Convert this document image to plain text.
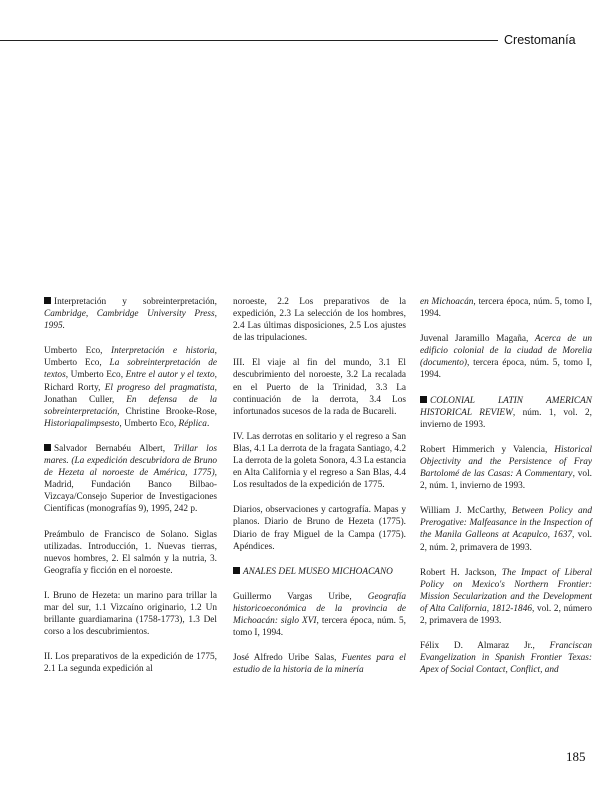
Crestomanía

Interpretación y sobreinterpretación, Cambridge, Cambridge University Press, 1995.

Umberto Eco, Interpretación e historia, Umberto Eco, La sobreinterpretación de textos, Umberto Eco, Entre el autor y el texto, Richard Rorty, El progreso del pragmatista, Jonathan Culler, En defensa de la sobreinterpretación, Christine Brooke-Rose, Historiapalimpsesto, Umberto Eco, Réplica.

Salvador Bernabéu Albert, Trillar los mares. (La expedición descubridora de Bruno de Hezeta al noroeste de América, 1775), Madrid, Fundación Banco Bilbao-Vizcaya/Consejo Superior de Investigaciones Científicas (monografías 9), 1995, 242 p.

Preámbulo de Francisco de Solano. Siglas utilizadas. Introducción, 1. Nuevas tierras, nuevos hombres, 2. El salmón y la nutria, 3. Geografía y ficción en el noroeste.

I. Bruno de Hezeta: un marino para trillar la mar del sur, 1.1 Vizcaíno originario, 1.2 Un brillante guardiamarina (1758-1773), 1.3 Del corso a los descubrimientos.

II. Los preparativos de la expedición de 1775, 2.1 La segunda expedición al

noroeste, 2.2 Los preparativos de la expedición, 2.3 La selección de los hombres, 2.4 Las últimas disposiciones, 2.5 Los ajustes de las tripulaciones.

III. El viaje al fin del mundo, 3.1 El descubrimiento del noroeste, 3.2 La recalada en el Puerto de la Trinidad, 3.3 La continuación de la derrota, 3.4 Los infortunados sucesos de la rada de Bucareli.

IV. Las derrotas en solitario y el regreso a San Blas, 4.1 La derrota de la fragata Santiago, 4.2 La derrota de la goleta Sonora, 4.3 La estancia en Alta California y el regreso a San Blas, 4.4 Los resultados de la expedición de 1775.

Diarios, observaciones y cartografía. Mapas y planos. Diario de Bruno de Hezeta (1775). Diario de fray Miguel de la Campa (1775). Apéndices.

ANALES DEL MUSEO MICHOACANO

Guillermo Vargas Uribe, Geografía historicoeconómica de la provincia de Michoacán: siglo XVI, tercera época, núm. 5, tomo I, 1994.

José Alfredo Uribe Salas, Fuentes para el estudio de la historia de la minería

en Michoacán, tercera época, núm. 5, tomo I, 1994.

Juvenal Jaramillo Magaña, Acerca de un edificio colonial de la ciudad de Morelia (documento), tercera época, núm. 5, tomo I, 1994.

COLONIAL LATIN AMERICAN HISTORICAL REVIEW, núm. 1, vol. 2, invierno de 1993.

Robert Himmerich y Valencia, Historical Objectivity and the Persistence of Fray Bartolomé de las Casas: A Commentary, vol. 2, núm. 1, invierno de 1993.

William J. McCarthy, Between Policy and Prerogative: Malfeasance in the Inspection of the Manila Galleons at Acapulco, 1637, vol. 2, núm. 2, primavera de 1993.

Robert H. Jackson, The Impact of Liberal Policy on Mexico's Northern Frontier: Mission Secularization and the Development of Alta California, 1812-1846, vol. 2, número 2, primavera de 1993.

Félix D. Almaraz Jr., Franciscan Evangelization in Spanish Frontier Texas: Apex of Social Contact, Conflict, and

185
